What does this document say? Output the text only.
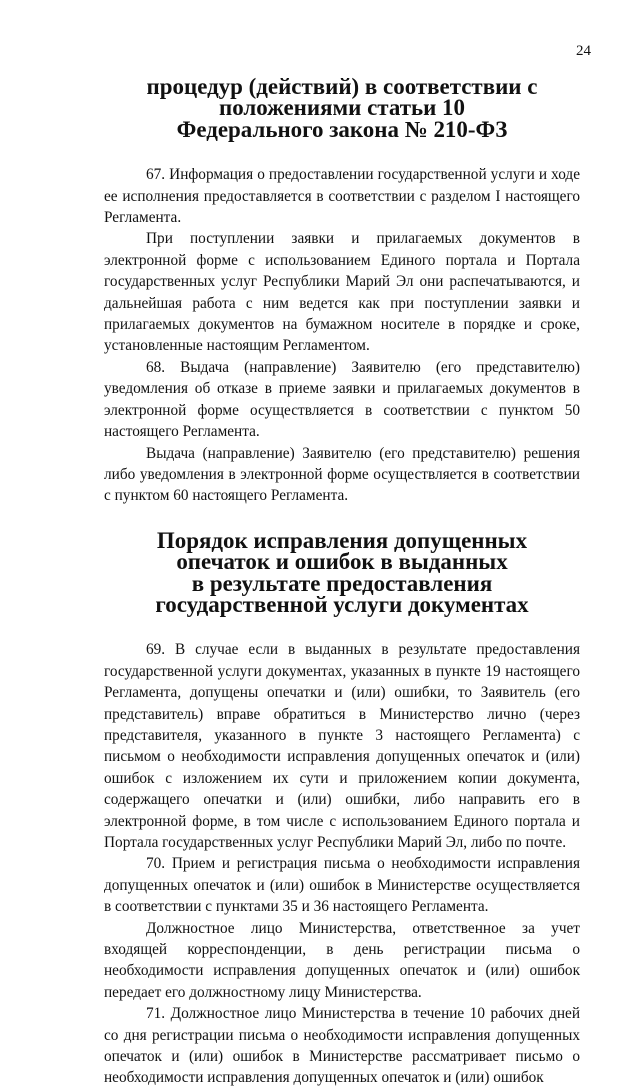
24
процедур (действий) в соответствии с положениями статьи 10
Федерального закона № 210-ФЗ

67. Информация о предоставлении государственной услуги и ходе ее исполнения предоставляется в соответствии с разделом I настоящего Регламента.

При поступлении заявки и прилагаемых документов в электронной форме с использованием Единого портала и Портала государственных услуг Республики Марий Эл они распечатываются, и дальнейшая работа с ним ведется как при поступлении заявки и прилагаемых документов на бумажном носителе в порядке и сроке, установленные настоящим Регламентом.

68. Выдача (направление) Заявителю (его представителю) уведомления об отказе в приеме заявки и прилагаемых документов в электронной форме осуществляется в соответствии с пунктом 50 настоящего Регламента.

Выдача (направление) Заявителю (его представителю) решения либо уведомления в электронной форме осуществляется в соответствии с пунктом 60 настоящего Регламента.

Порядок исправления допущенных опечаток и ошибок в выданных
в результате предоставления государственной услуги документах

69. В случае если в выданных в результате предоставления государственной услуги документах, указанных в пункте 19 настоящего Регламента, допущены опечатки и (или) ошибки, то Заявитель (его представитель) вправе обратиться в Министерство лично (через представителя, указанного в пункте 3 настоящего Регламента) с письмом о необходимости исправления допущенных опечаток и (или) ошибок с изложением их сути и приложением копии документа, содержащего опечатки и (или) ошибки, либо направить его в электронной форме, в том числе с использованием Единого портала и Портала государственных услуг Республики Марий Эл, либо по почте.

70. Прием и регистрация письма о необходимости исправления допущенных опечаток и (или) ошибок в Министерстве осуществляется в соответствии с пунктами 35 и 36 настоящего Регламента.

Должностное лицо Министерства, ответственное за учет входящей корреспонденции, в день регистрации письма о необходимости исправления допущенных опечаток и (или) ошибок передает его должностному лицу Министерства.

71. Должностное лицо Министерства в течение 10 рабочих дней со дня регистрации письма о необходимости исправления допущенных опечаток и (или) ошибок в Министерстве рассматривает письмо о необходимости исправления допущенных опечаток и (или) ошибок
